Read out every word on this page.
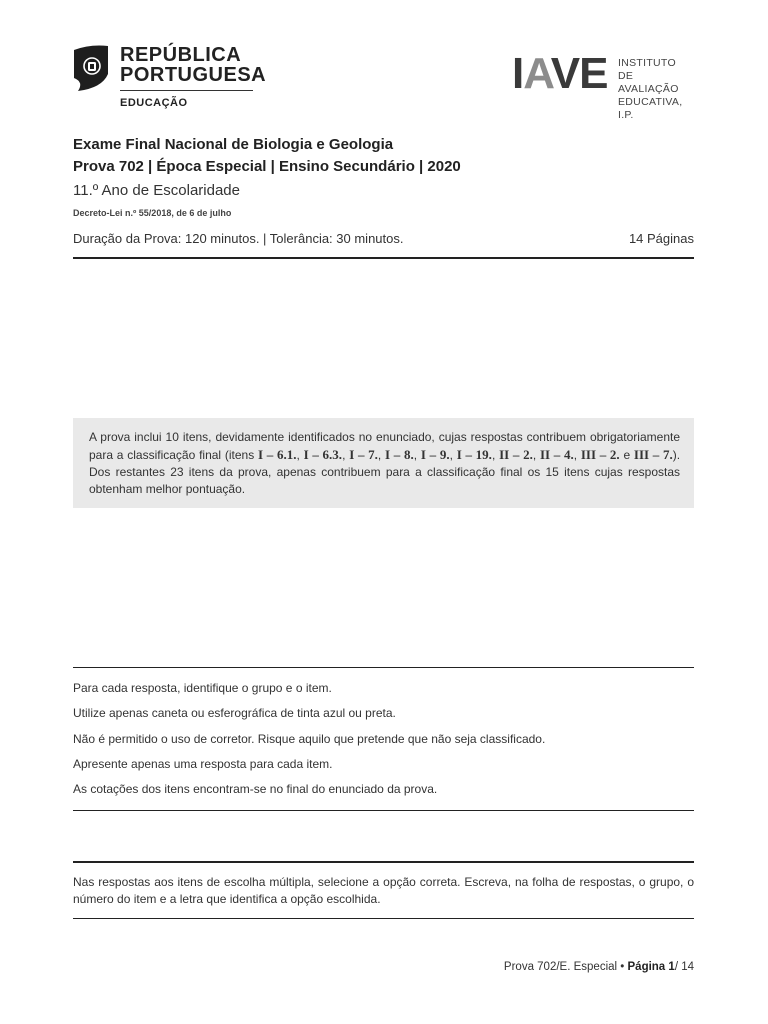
REPÚBLICA
PORTUGUESA
EDUCAÇÃO
IAVE INSTITUTO
DE AVALIAÇÃO
EDUCATIVA, I.P.
Exame Final Nacional de Biologia e Geologia
Prova 702 | Época Especial | Ensino Secundário | 2020
11.º Ano de Escolaridade
Decreto-Lei n.º 55/2018, de 6 de julho
Duração da Prova: 120 minutos. | Tolerância: 30 minutos.	14 Páginas
A prova inclui 10 itens, devidamente identificados no enunciado, cujas respostas contribuem obrigatoriamente para a classificação final (itens I – 6.1., I – 6.3., I – 7., I – 8., I – 9., I – 19., II – 2., II – 4., III – 2. e III – 7.). Dos restantes 23 itens da prova, apenas contribuem para a classificação final os 15 itens cujas respostas obtenham melhor pontuação.
Para cada resposta, identifique o grupo e o item.
Utilize apenas caneta ou esferográfica de tinta azul ou preta.
Não é permitido o uso de corretor. Risque aquilo que pretende que não seja classificado.
Apresente apenas uma resposta para cada item.
As cotações dos itens encontram-se no final do enunciado da prova.
Nas respostas aos itens de escolha múltipla, selecione a opção correta. Escreva, na folha de respostas, o grupo, o número do item e a letra que identifica a opção escolhida.
Prova 702/E. Especial • Página 1/ 14
